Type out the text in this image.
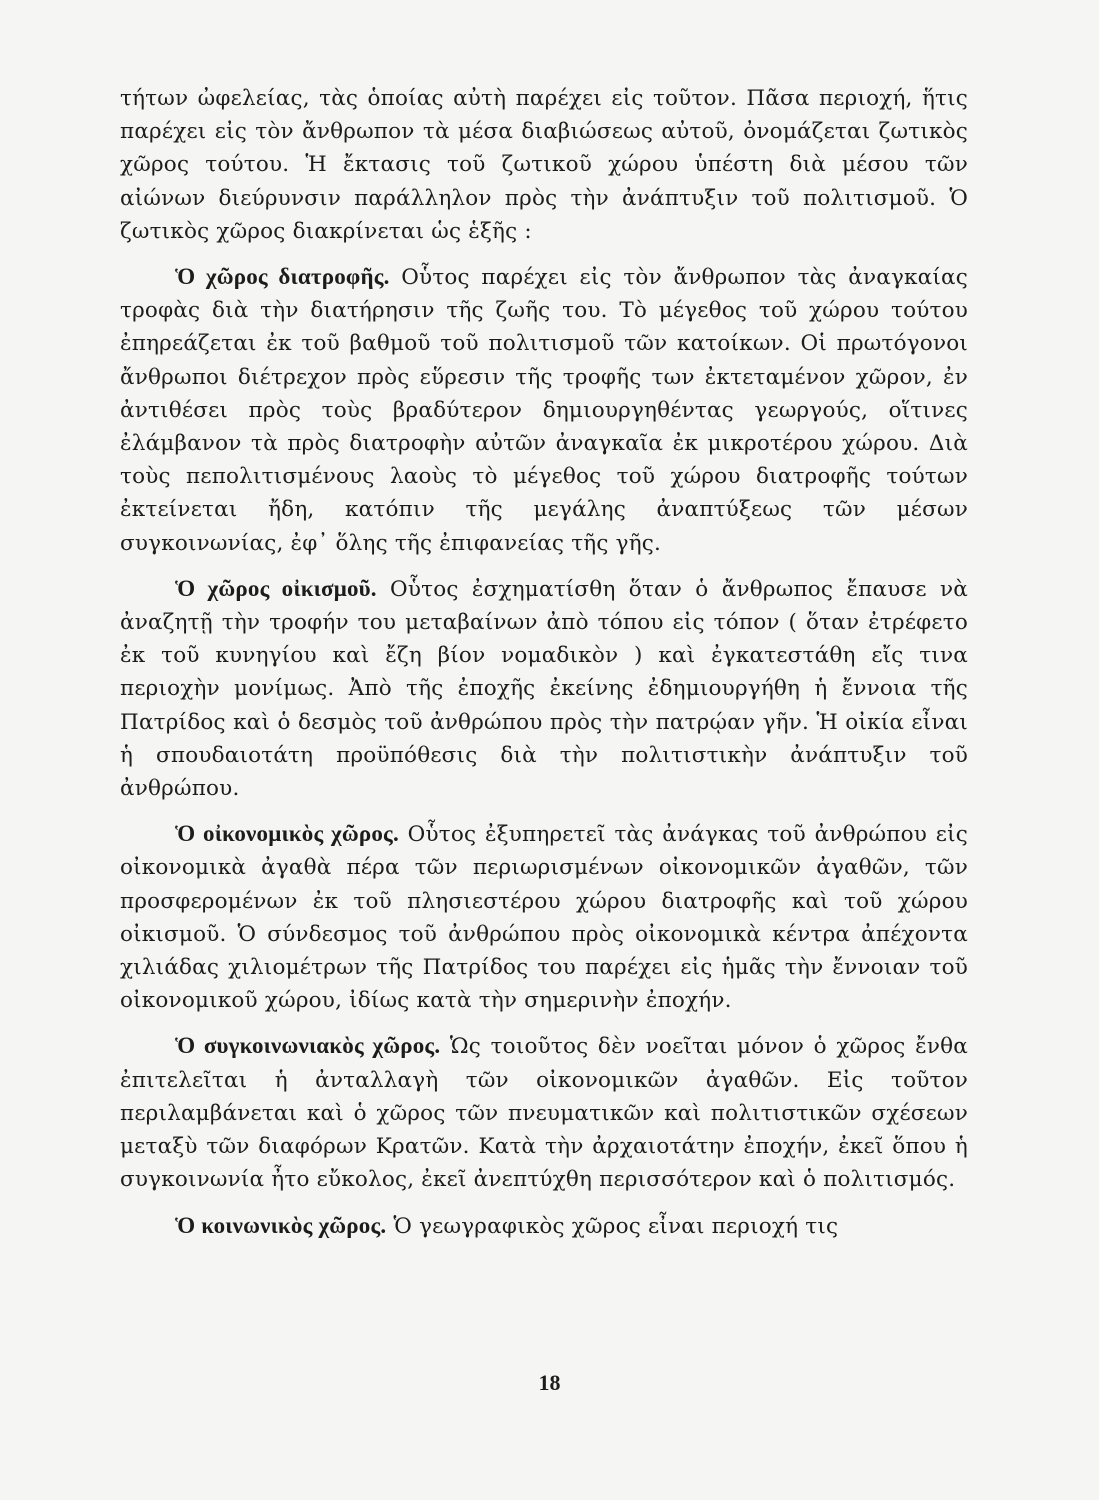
τήτων ὠφελείας, τὰς ὁποίας αὐτὴ παρέχει εἰς τοῦτον. Πᾶσα περιοχή, ἥτις παρέχει εἰς τὸν ἄνθρωπον τὰ μέσα διαβιώσεως αὐτοῦ, ὀνομάζεται ζωτικὸς χῶρος τούτου. Ἡ ἔκτασις τοῦ ζωτικοῦ χώρου ὑπέστη διὰ μέσου τῶν αἰώνων διεύρυνσιν παράλληλον πρὸς τὴν ἀνάπτυξιν τοῦ πολιτισμοῦ. Ὁ ζωτικὸς χῶρος διακρίνεται ὡς ἑξῆς :

Ὁ χῶρος διατροφῆς. Οὗτος παρέχει εἰς τὸν ἄνθρωπον τὰς ἀναγκαίας τροφὰς διὰ τὴν διατήρησιν τῆς ζωῆς του. Τὸ μέγεθος τοῦ χώρου τούτου ἐπηρεάζεται ἐκ τοῦ βαθμοῦ τοῦ πολιτισμοῦ τῶν κατοίκων. Οἱ πρωτόγονοι ἄνθρωποι διέτρεχον πρὸς εὕρεσιν τῆς τροφῆς των ἐκτεταμένον χῶρον, ἐν ἀντιθέσει πρὸς τοὺς βραδύτερον δημιουργηθέντας γεωργούς, οἵτινες ἐλάμβανον τὰ πρὸς διατροφὴν αὐτῶν ἀναγκαῖα ἐκ μικροτέρου χώρου. Διὰ τοὺς πεπολιτισμένους λαοὺς τὸ μέγεθος τοῦ χώρου διατροφῆς τούτων ἐκτείνεται ἤδη, κατόπιν τῆς μεγάλης ἀναπτύξεως τῶν μέσων συγκοινωνίας, ἐφ᾽ ὅλης τῆς ἐπιφανείας τῆς γῆς.

Ὁ χῶρος οἰκισμοῦ. Οὗτος ἐσχηματίσθη ὅταν ὁ ἄνθρωπος ἔπαυσε νὰ ἀναζητῇ τὴν τροφήν του μεταβαίνων ἀπὸ τόπου εἰς τόπον ( ὅταν ἐτρέφετο ἐκ τοῦ κυνηγίου καὶ ἔζη βίον νομαδικὸν ) καὶ ἐγκατεστάθη εἴς τινα περιοχὴν μονίμως. Ἀπὸ τῆς ἐποχῆς ἐκείνης ἐδημιουργήθη ἡ ἔννοια τῆς Πατρίδος καὶ ὁ δεσμὸς τοῦ ἀνθρώπου πρὸς τὴν πατρῴαν γῆν. Ἡ οἰκία εἶναι ἡ σπουδαιοτάτη προϋπόθεσις διὰ τὴν πολιτιστικὴν ἀνάπτυξιν τοῦ ἀνθρώπου.

Ὁ οἰκονομικὸς χῶρος. Οὗτος ἐξυπηρετεῖ τὰς ἀνάγκας τοῦ ἀνθρώπου εἰς οἰκονομικὰ ἀγαθὰ πέρα τῶν περιωρισμένων οἰκονομικῶν ἀγαθῶν, τῶν προσφερομένων ἐκ τοῦ πλησιεστέρου χώρου διατροφῆς καὶ τοῦ χώρου οἰκισμοῦ. Ὁ σύνδεσμος τοῦ ἀνθρώπου πρὸς οἰκονομικὰ κέντρα ἀπέχοντα χιλιάδας χιλιομέτρων τῆς Πατρίδος του παρέχει εἰς ἡμᾶς τὴν ἔννοιαν τοῦ οἰκονομικοῦ χώρου, ἰδίως κατὰ τὴν σημερινὴν ἐποχήν.

Ὁ συγκοινωνιακὸς χῶρος. Ὡς τοιοῦτος δὲν νοεῖται μόνον ὁ χῶρος ἔνθα ἐπιτελεῖται ἡ ἀνταλλαγὴ τῶν οἰκονομικῶν ἀγαθῶν. Εἰς τοῦτον περιλαμβάνεται καὶ ὁ χῶρος τῶν πνευματικῶν καὶ πολιτιστικῶν σχέσεων μεταξὺ τῶν διαφόρων Κρατῶν. Κατὰ τὴν ἀρχαιοτάτην ἐποχήν, ἐκεῖ ὅπου ἡ συγκοινωνία ἦτο εὔκολος, ἐκεῖ ἀνεπτύχθη περισσότερον καὶ ὁ πολιτισμός.

Ὁ κοινωνικὸς χῶρος. Ὁ γεωγραφικὸς χῶρος εἶναι περιοχή τις

18
